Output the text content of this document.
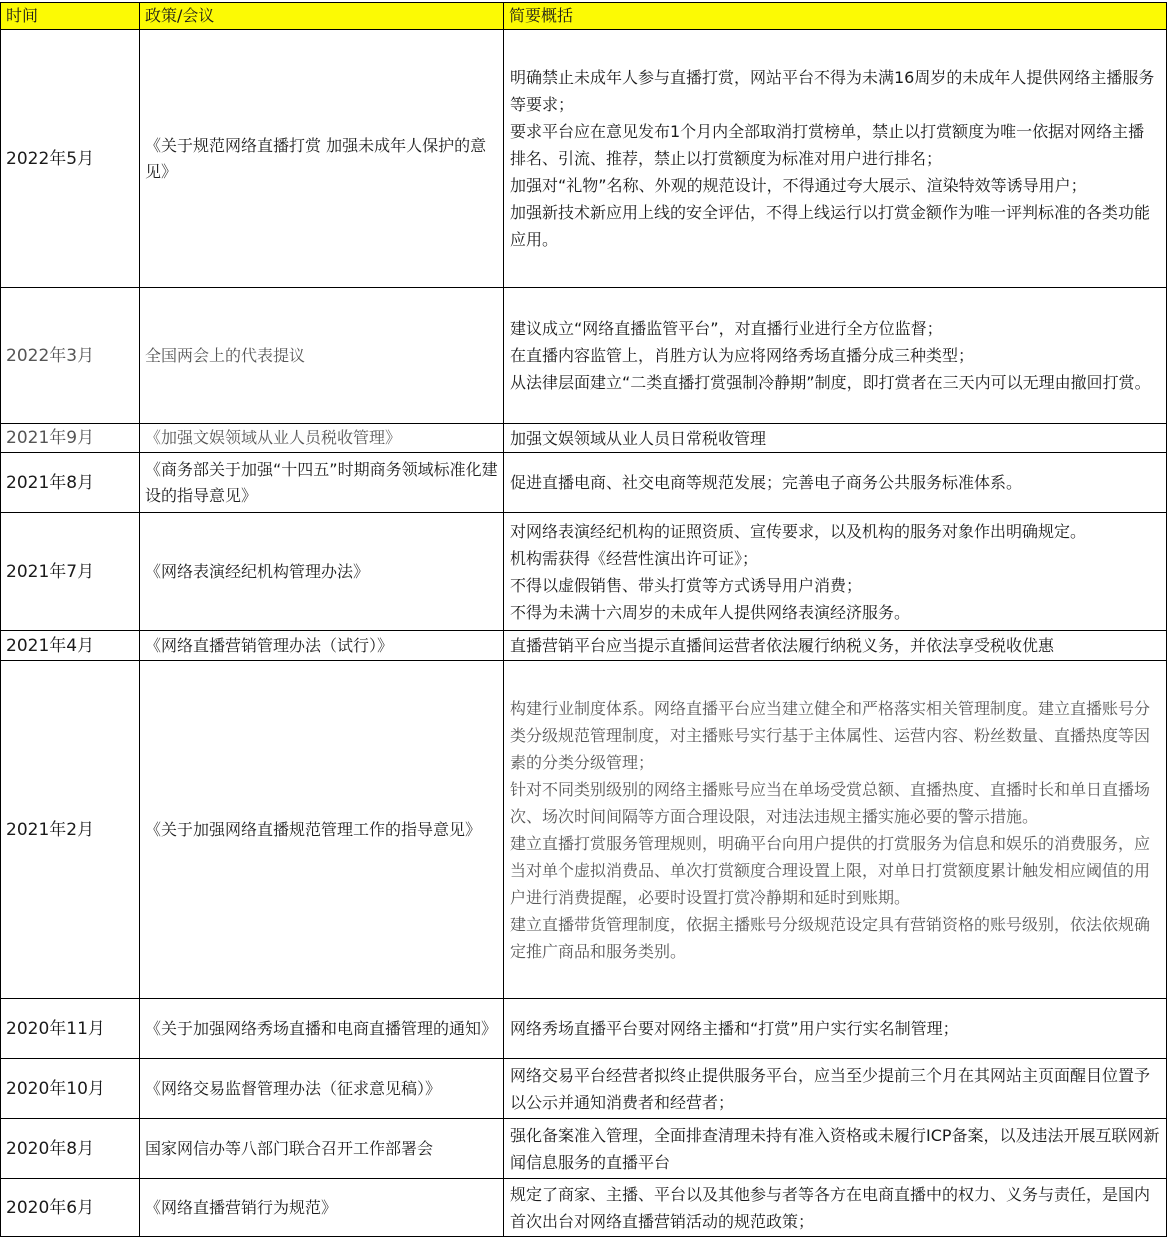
时间	政策/会议	简要概括
2022年5月	《关于规范网络直播打赏 加强未成年人保护的意见》	明确禁止未成年人参与直播打赏，网站平台不得为未满16周岁的未成年人提供网络主播服务等要求；
要求平台应在意见发布1个月内全部取消打赏榜单，禁止以打赏额度为唯一依据对网络主播排名、引流、推荐，禁止以打赏额度为标准对用户进行排名；
加强对“礼物”名称、外观的规范设计，不得通过夸大展示、渲染特效等诱导用户；
加强新技术新应用上线的安全评估，不得上线运行以打赏金额作为唯一评判标准的各类功能应用。

2022年3月	全国两会上的代表提议	建议成立“网络直播监管平台”，对直播行业进行全方位监督；
在直播内容监管上，肖胜方认为应将网络秀场直播分成三种类型；
从法律层面建立“二类直播打赏强制冷静期”制度，即打赏者在三天内可以无理由撤回打赏。

2021年9月	《加强文娱领域从业人员税收管理》	加强文娱领域从业人员日常税收管理

2021年8月	《商务部关于加强“十四五”时期商务领域标准化建设的指导意见》	促进直播电商、社交电商等规范发展；完善电子商务公共服务标准体系。

2021年7月	《网络表演经纪机构管理办法》	对网络表演经纪机构的证照资质、宣传要求，以及机构的服务对象作出明确规定。
机构需获得《经营性演出许可证》；
不得以虚假销售、带头打赏等方式诱导用户消费；
不得为未满十六周岁的未成年人提供网络表演经济服务。

2021年4月	《网络直播营销管理办法（试行）》	直播营销平台应当提示直播间运营者依法履行纳税义务，并依法享受税收优惠

2021年2月	《关于加强网络直播规范管理工作的指导意见》	构建行业制度体系。网络直播平台应当建立健全和严格落实相关管理制度。建立直播账号分类分级规范管理制度，对主播账号实行基于主体属性、运营内容、粉丝数量、直播热度等因素的分类分级管理；
针对不同类别级别的网络主播账号应当在单场受赏总额、直播热度、直播时长和单日直播场次、场次时间间隔等方面合理设限，对违法违规主播实施必要的警示措施。
建立直播打赏服务管理规则，明确平台向用户提供的打赏服务为信息和娱乐的消费服务，应当对单个虚拟消费品、单次打赏额度合理设置上限，对单日打赏额度累计触发相应阈值的用户进行消费提醒，必要时设置打赏冷静期和延时到账期。
建立直播带货管理制度，依据主播账号分级规范设定具有营销资格的账号级别，依法依规确定推广商品和服务类别。

2020年11月	《关于加强网络秀场直播和电商直播管理的通知》	网络秀场直播平台要对网络主播和“打赏”用户实行实名制管理；

2020年10月	《网络交易监督管理办法（征求意见稿）》	网络交易平台经营者拟终止提供服务平台，应当至少提前三个月在其网站主页面醒目位置予以公示并通知消费者和经营者；

2020年8月	国家网信办等八部门联合召开工作部署会	强化备案准入管理，全面排查清理未持有准入资格或未履行ICP备案，以及违法开展互联网新闻信息服务的直播平台

2020年6月	《网络直播营销行为规范》	规定了商家、主播、平台以及其他参与者等各方在电商直播中的权力、义务与责任，是国内首次出台对网络直播营销活动的规范政策；
